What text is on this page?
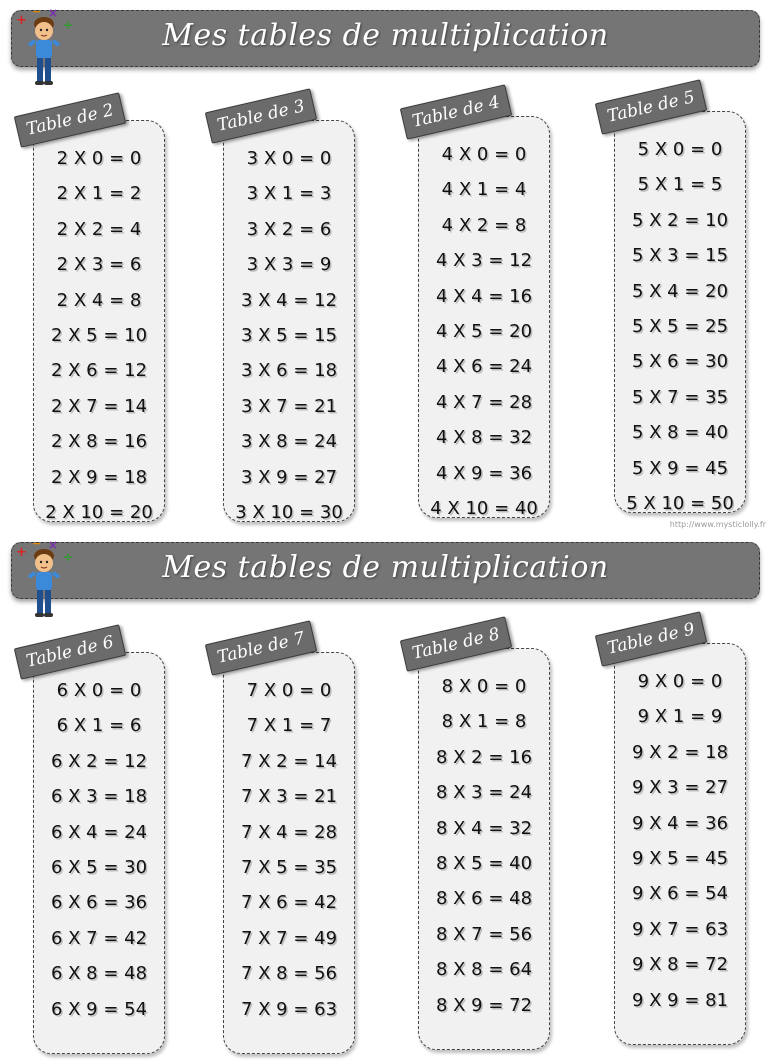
Mes tables de multiplication
+
− ×
÷
2 X 0 = 0
2 X 1 = 2
2 X 2 = 4
2 X 3 = 6
2 X 4 = 8
2 X 5 = 10
2 X 6 = 12
2 X 7 = 14
2 X 8 = 16
2 X 9 = 18
2 X 10 = 20
Table de 2
3 X 0 = 0
3 X 1 = 3
3 X 2 = 6
3 X 3 = 9
3 X 4 = 12
3 X 5 = 15
3 X 6 = 18
3 X 7 = 21
3 X 8 = 24
3 X 9 = 27
3 X 10 = 30
Table de 3
4 X 0 = 0
4 X 1 = 4
4 X 2 = 8
4 X 3 = 12
4 X 4 = 16
4 X 5 = 20
4 X 6 = 24
4 X 7 = 28
4 X 8 = 32
4 X 9 = 36
4 X 10 = 40
Table de 4
5 X 0 = 0
5 X 1 = 5
5 X 2 = 10
5 X 3 = 15
5 X 4 = 20
5 X 5 = 25
5 X 6 = 30
5 X 7 = 35
5 X 8 = 40
5 X 9 = 45
5 X 10 = 50
Table de 5
http://www.mysticlolly.fr
Mes tables de multiplication
+
− ×
÷
6 X 0 = 0
6 X 1 = 6
6 X 2 = 12
6 X 3 = 18
6 X 4 = 24
6 X 5 = 30
6 X 6 = 36
6 X 7 = 42
6 X 8 = 48
6 X 9 = 54
Table de 6
7 X 0 = 0
7 X 1 = 7
7 X 2 = 14
7 X 3 = 21
7 X 4 = 28
7 X 5 = 35
7 X 6 = 42
7 X 7 = 49
7 X 8 = 56
7 X 9 = 63
Table de 7
8 X 0 = 0
8 X 1 = 8
8 X 2 = 16
8 X 3 = 24
8 X 4 = 32
8 X 5 = 40
8 X 6 = 48
8 X 7 = 56
8 X 8 = 64
8 X 9 = 72
Table de 8
9 X 0 = 0
9 X 1 = 9
9 X 2 = 18
9 X 3 = 27
9 X 4 = 36
9 X 5 = 45
9 X 6 = 54
9 X 7 = 63
9 X 8 = 72
9 X 9 = 81
Table de 9
